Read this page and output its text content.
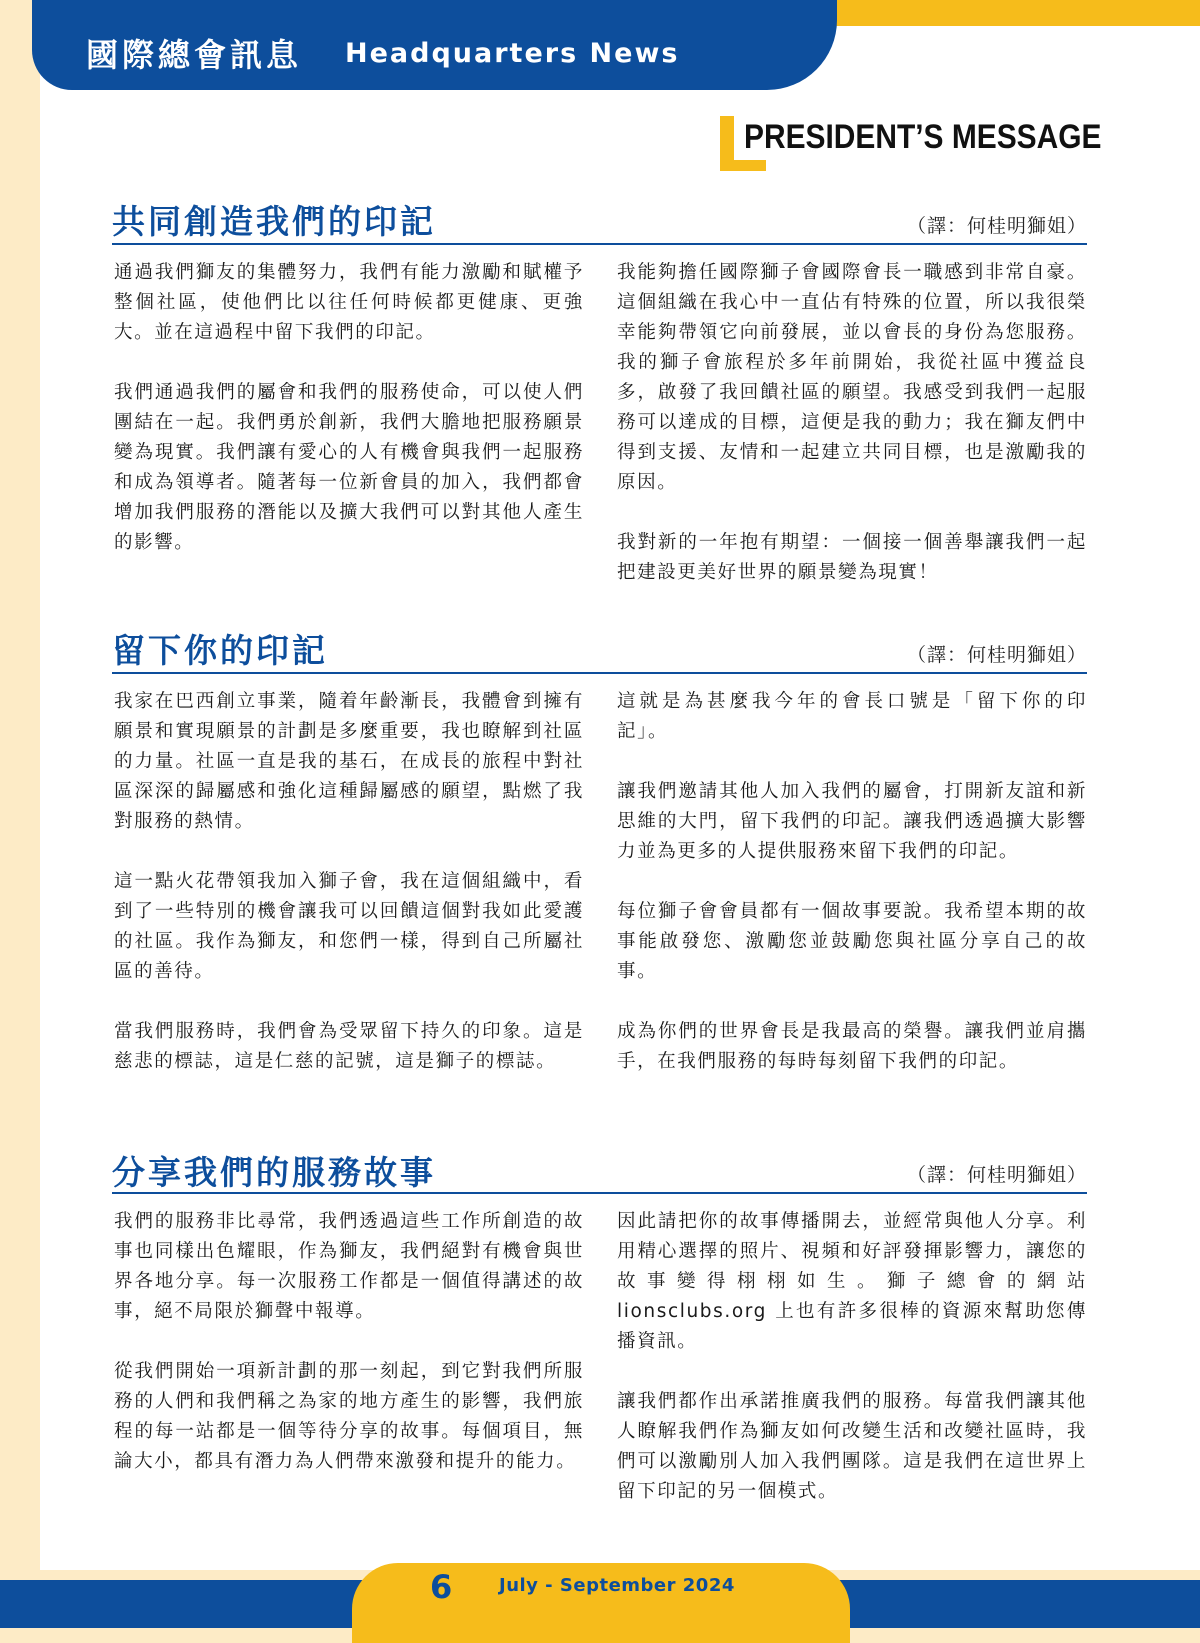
國際總會訊息 Headquarters News
PRESIDENT’S MESSAGE
共同創造我們的印記	（譯：何桂明獅姐）

通過我們獅友的集體努力，我們有能力激勵和賦權予整個社區，使他們比以往任何時候都更健康、更強大。並在這過程中留下我們的印記。

我們通過我們的屬會和我們的服務使命，可以使人們團結在一起。我們勇於創新，我們大膽地把服務願景變為現實。我們讓有愛心的人有機會與我們一起服務和成為領導者。隨著每一位新會員的加入，我們都會增加我們服務的潛能以及擴大我們可以對其他人產生的影響。

我能夠擔任國際獅子會國際會長一職感到非常自豪。這個組織在我心中一直佔有特殊的位置，所以我很榮幸能夠帶領它向前發展，並以會長的身份為您服務。我的獅子會旅程於多年前開始，我從社區中獲益良多，啟發了我回饋社區的願望。我感受到我們一起服務可以達成的目標，這便是我的動力；我在獅友們中得到支援、友情和一起建立共同目標，也是激勵我的原因。

我對新的一年抱有期望：一個接一個善舉讓我們一起把建設更美好世界的願景變為現實！

留下你的印記	（譯：何桂明獅姐）

我家在巴西創立事業，隨着年齡漸長，我體會到擁有願景和實現願景的計劃是多麼重要，我也瞭解到社區的力量。社區一直是我的基石，在成長的旅程中對社區深深的歸屬感和強化這種歸屬感的願望，點燃了我對服務的熱情。

這一點火花帶領我加入獅子會，我在這個組織中，看到了一些特別的機會讓我可以回饋這個對我如此愛護的社區。我作為獅友，和您們一樣，得到自己所屬社區的善待。

當我們服務時，我們會為受眾留下持久的印象。這是慈悲的標誌，這是仁慈的記號，這是獅子的標誌。

這就是為甚麼我今年的會長口號是「留下你的印記」。

讓我們邀請其他人加入我們的屬會，打開新友誼和新思維的大門，留下我們的印記。讓我們透過擴大影響力並為更多的人提供服務來留下我們的印記。

每位獅子會會員都有一個故事要說。我希望本期的故事能啟發您、激勵您並鼓勵您與社區分享自己的故事。

成為你們的世界會長是我最高的榮譽。讓我們並肩攜手，在我們服務的每時每刻留下我們的印記。

分享我們的服務故事	（譯：何桂明獅姐）

我們的服務非比尋常，我們透過這些工作所創造的故事也同樣出色耀眼，作為獅友，我們絕對有機會與世界各地分享。每一次服務工作都是一個值得講述的故事，絕不局限於獅聲中報導。

從我們開始一項新計劃的那一刻起，到它對我們所服務的人們和我們稱之為家的地方產生的影響，我們旅程的每一站都是一個等待分享的故事。每個項目，無論大小，都具有潛力為人們帶來激發和提升的能力。

因此請把你的故事傳播開去，並經常與他人分享。利用精心選擇的照片、視頻和好評發揮影響力，讓您的故事變得栩栩如生。獅子總會的網站 lionsclubs.org 上也有許多很棒的資源來幫助您傳播資訊。

讓我們都作出承諾推廣我們的服務。每當我們讓其他人瞭解我們作為獅友如何改變生活和改變社區時，我們可以激勵別人加入我們團隊。這是我們在這世界上留下印記的另一個模式。

6	July - September 2024
